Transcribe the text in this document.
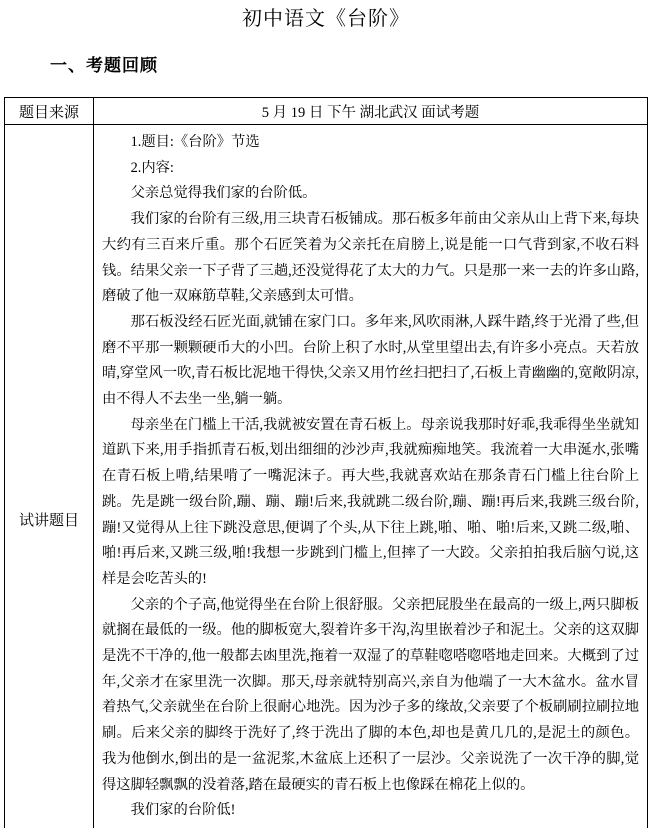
初中语文《台阶》
一、考题回顾
题目来源	5 月 19 日 下午 湖北武汉 面试考题
试讲题目	

1.题目:《台阶》节选

2.内容:

父亲总觉得我们家的台阶低。

我们家的台阶有三级,用三块青石板铺成。那石板多年前由父亲从山上背下来,每块大约有三百来斤重。那个石匠笑着为父亲托在肩膀上,说是能一口气背到家,不收石料钱。结果父亲一下子背了三趟,还没觉得花了太大的力气。只是那一来一去的许多山路,磨破了他一双麻筋草鞋,父亲感到太可惜。

那石板没经石匠光面,就铺在家门口。多年来,风吹雨淋,人踩牛踏,终于光滑了些,但磨不平那一颗颗硬币大的小凹。台阶上积了水时,从堂里望出去,有许多小亮点。天若放晴,穿堂风一吹,青石板比泥地干得快,父亲又用竹丝扫把扫了,石板上青幽幽的,宽敞阴凉,由不得人不去坐一坐,躺一躺。

母亲坐在门槛上干活,我就被安置在青石板上。母亲说我那时好乖,我乖得坐坐就知道趴下来,用手指抓青石板,划出细细的沙沙声,我就痴痴地笑。我流着一大串涎水,张嘴在青石板上啃,结果啃了一嘴泥沫子。再大些,我就喜欢站在那条青石门槛上往台阶上跳。先是跳一级台阶,蹦、蹦、蹦!后来,我就跳二级台阶,蹦、蹦!再后来,我跳三级台阶,蹦!又觉得从上往下跳没意思,便调了个头,从下往上跳,啪、啪、啪!后来,又跳二级,啪、啪!再后来,又跳三级,啪!我想一步跳到门槛上,但摔了一大跤。父亲拍拍我后脑勺说,这样是会吃苦头的!

父亲的个子高,他觉得坐在台阶上很舒服。父亲把屁股坐在最高的一级上,两只脚板就搁在最低的一级。他的脚板宽大,裂着许多干沟,沟里嵌着沙子和泥土。父亲的这双脚是洗不干净的,他一般都去凼里洗,拖着一双湿了的草鞋唿嗒唿嗒地走回来。大概到了过年,父亲才在家里洗一次脚。那天,母亲就特别高兴,亲自为他端了一大木盆水。盆水冒着热气,父亲就坐在台阶上很耐心地洗。因为沙子多的缘故,父亲要了个板刷刷拉刷拉地刷。后来父亲的脚终于洗好了,终于洗出了脚的本色,却也是黄几几的,是泥土的颜色。我为他倒水,倒出的是一盆泥浆,木盆底上还积了一层沙。父亲说洗了一次干净的脚,觉得这脚轻飘飘的没着落,踏在最硬实的青石板上也像踩在棉花上似的。

我们家的台阶低!
